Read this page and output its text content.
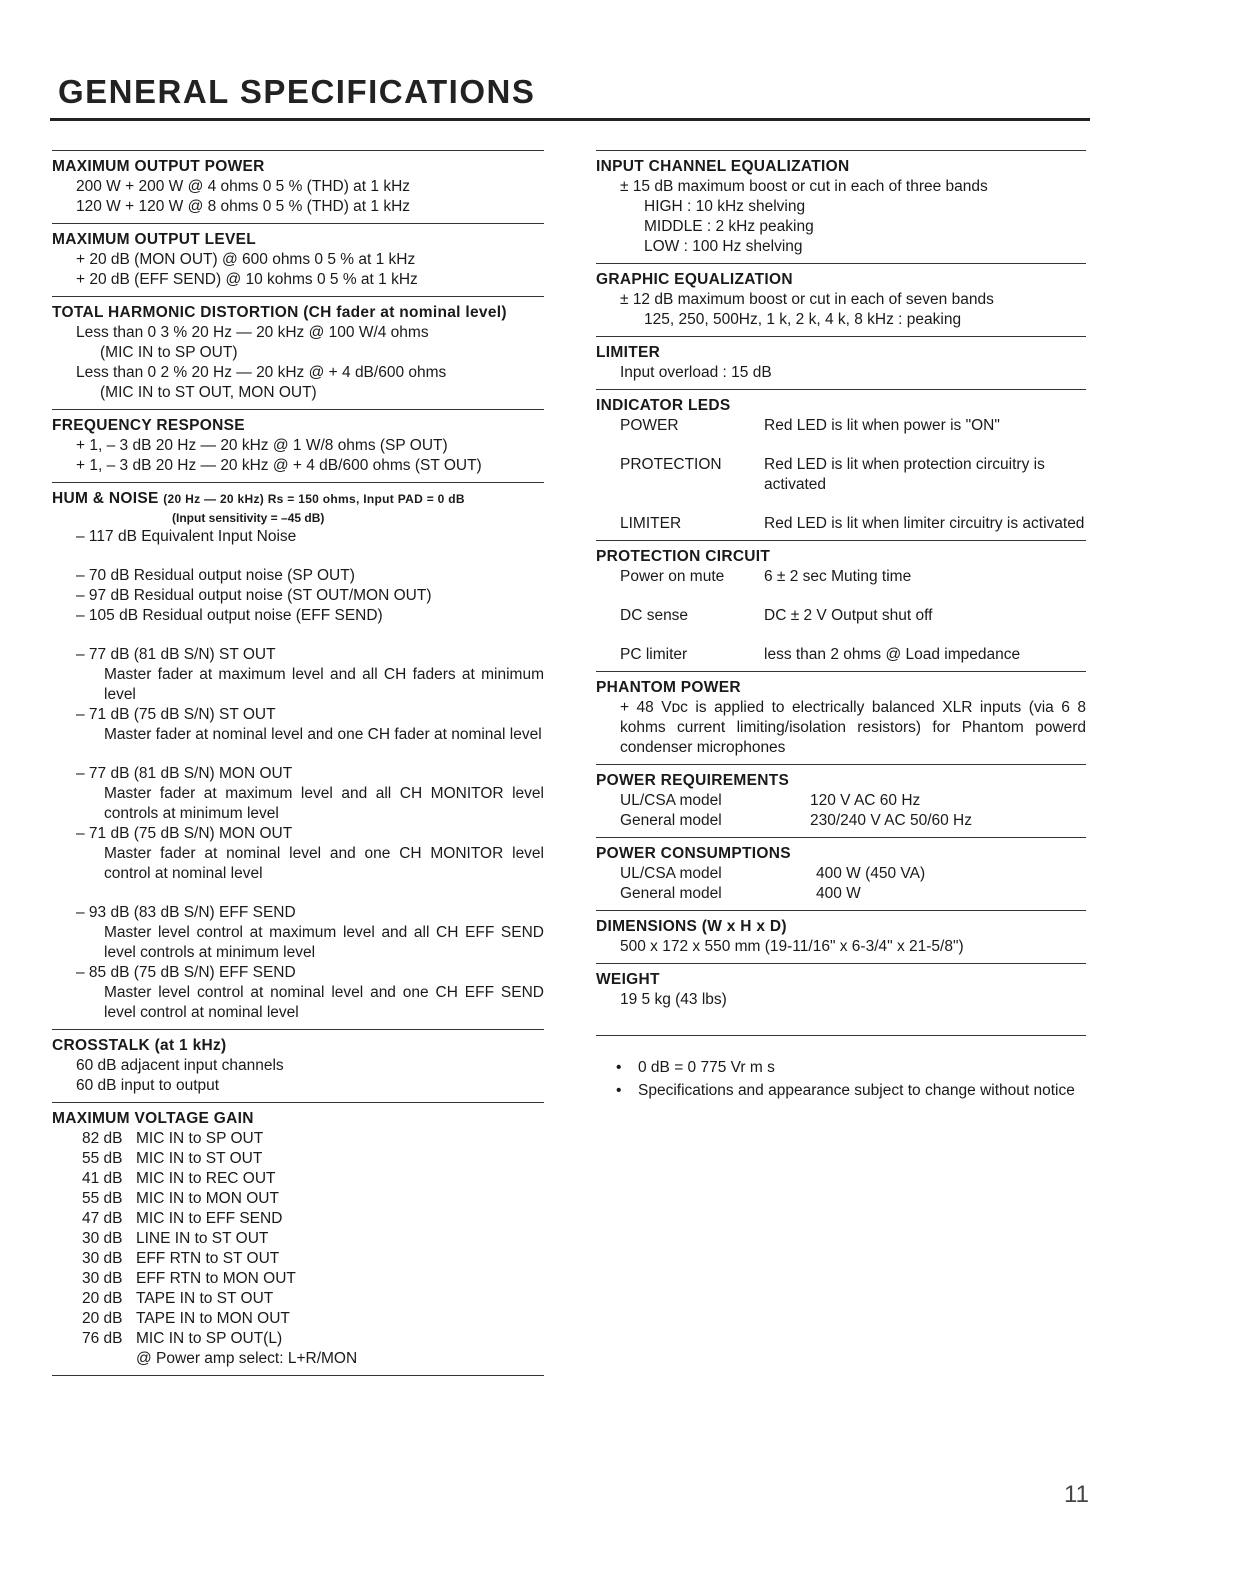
GENERAL SPECIFICATIONS
MAXIMUM OUTPUT POWER
200 W + 200 W @ 4 ohms 0 5 % (THD) at 1 kHz
120 W + 120 W @ 8 ohms 0 5 % (THD) at 1 kHz
MAXIMUM OUTPUT LEVEL
+ 20 dB (MON OUT) @ 600 ohms 0 5 % at 1 kHz
+ 20 dB (EFF SEND) @ 10 kohms 0 5 % at 1 kHz
TOTAL HARMONIC DISTORTION (CH fader at nominal level)
Less than 0 3 % 20 Hz — 20 kHz @ 100 W/4 ohms
(MIC IN to SP OUT)
Less than 0 2 % 20 Hz — 20 kHz @ + 4 dB/600 ohms
(MIC IN to ST OUT, MON OUT)
FREQUENCY RESPONSE
+ 1, – 3 dB 20 Hz — 20 kHz @ 1 W/8 ohms (SP OUT)
+ 1, – 3 dB 20 Hz — 20 kHz @ + 4 dB/600 ohms (ST OUT)
HUM & NOISE (20 Hz — 20 kHz) Rs = 150 ohms, Input PAD = 0 dB
(Input sensitivity = –45 dB)
– 117 dB Equivalent Input Noise
– 70 dB Residual output noise (SP OUT)
– 97 dB Residual output noise (ST OUT/MON OUT)
– 105 dB Residual output noise (EFF SEND)
– 77 dB (81 dB S/N) ST OUT
Master fader at maximum level and all CH faders at minimum level
– 71 dB (75 dB S/N) ST OUT
Master fader at nominal level and one CH fader at nominal level
– 77 dB (81 dB S/N) MON OUT
Master fader at maximum level and all CH MONITOR level controls at minimum level
– 71 dB (75 dB S/N) MON OUT
Master fader at nominal level and one CH MONITOR level control at nominal level
– 93 dB (83 dB S/N) EFF SEND
Master level control at maximum level and all CH EFF SEND level controls at minimum level
– 85 dB (75 dB S/N) EFF SEND
Master level control at nominal level and one CH EFF SEND level control at nominal level
CROSSTALK (at 1 kHz)
60 dB adjacent input channels
60 dB input to output
MAXIMUM VOLTAGE GAIN
82 dB MIC IN to SP OUT
55 dB MIC IN to ST OUT
41 dB MIC IN to REC OUT
55 dB MIC IN to MON OUT
47 dB MIC IN to EFF SEND
30 dB LINE IN to ST OUT
30 dB EFF RTN to ST OUT
30 dB EFF RTN to MON OUT
20 dB TAPE IN to ST OUT
20 dB TAPE IN to MON OUT
76 dB MIC IN to SP OUT(L)
@ Power amp select: L+R/MON
INPUT CHANNEL EQUALIZATION
± 15 dB maximum boost or cut in each of three bands
HIGH : 10 kHz shelving
MIDDLE : 2 kHz peaking
LOW : 100 Hz shelving
GRAPHIC EQUALIZATION
± 12 dB maximum boost or cut in each of seven bands
125, 250, 500Hz, 1 k, 2 k, 4 k, 8 kHz : peaking
LIMITER
Input overload : 15 dB
INDICATOR LEDS
POWER	Red LED is lit when power is "ON"
PROTECTION	Red LED is lit when protection circuitry is activated
LIMITER	Red LED is lit when limiter circuitry is activated
PROTECTION CIRCUIT
Power on mute	6 ± 2 sec Muting time
DC sense	DC ± 2 V Output shut off
PC limiter	less than 2 ohms @ Load impedance
PHANTOM POWER
+ 48 Vᴅᴄ is applied to electrically balanced XLR inputs (via 6 8 kohms current limiting/isolation resistors) for Phantom powerd condenser microphones
POWER REQUIREMENTS
UL/CSA model	120 V AC 60 Hz
General model	230/240 V AC 50/60 Hz
POWER CONSUMPTIONS
UL/CSA model	400 W (450 VA)
General model	400 W
DIMENSIONS (W x H x D)
500 x 172 x 550 mm (19-11/16" x 6-3/4" x 21-5/8")
WEIGHT
19 5 kg (43 lbs)
•	0 dB = 0 775 Vr m s
•	Specifications and appearance subject to change without notice
11
